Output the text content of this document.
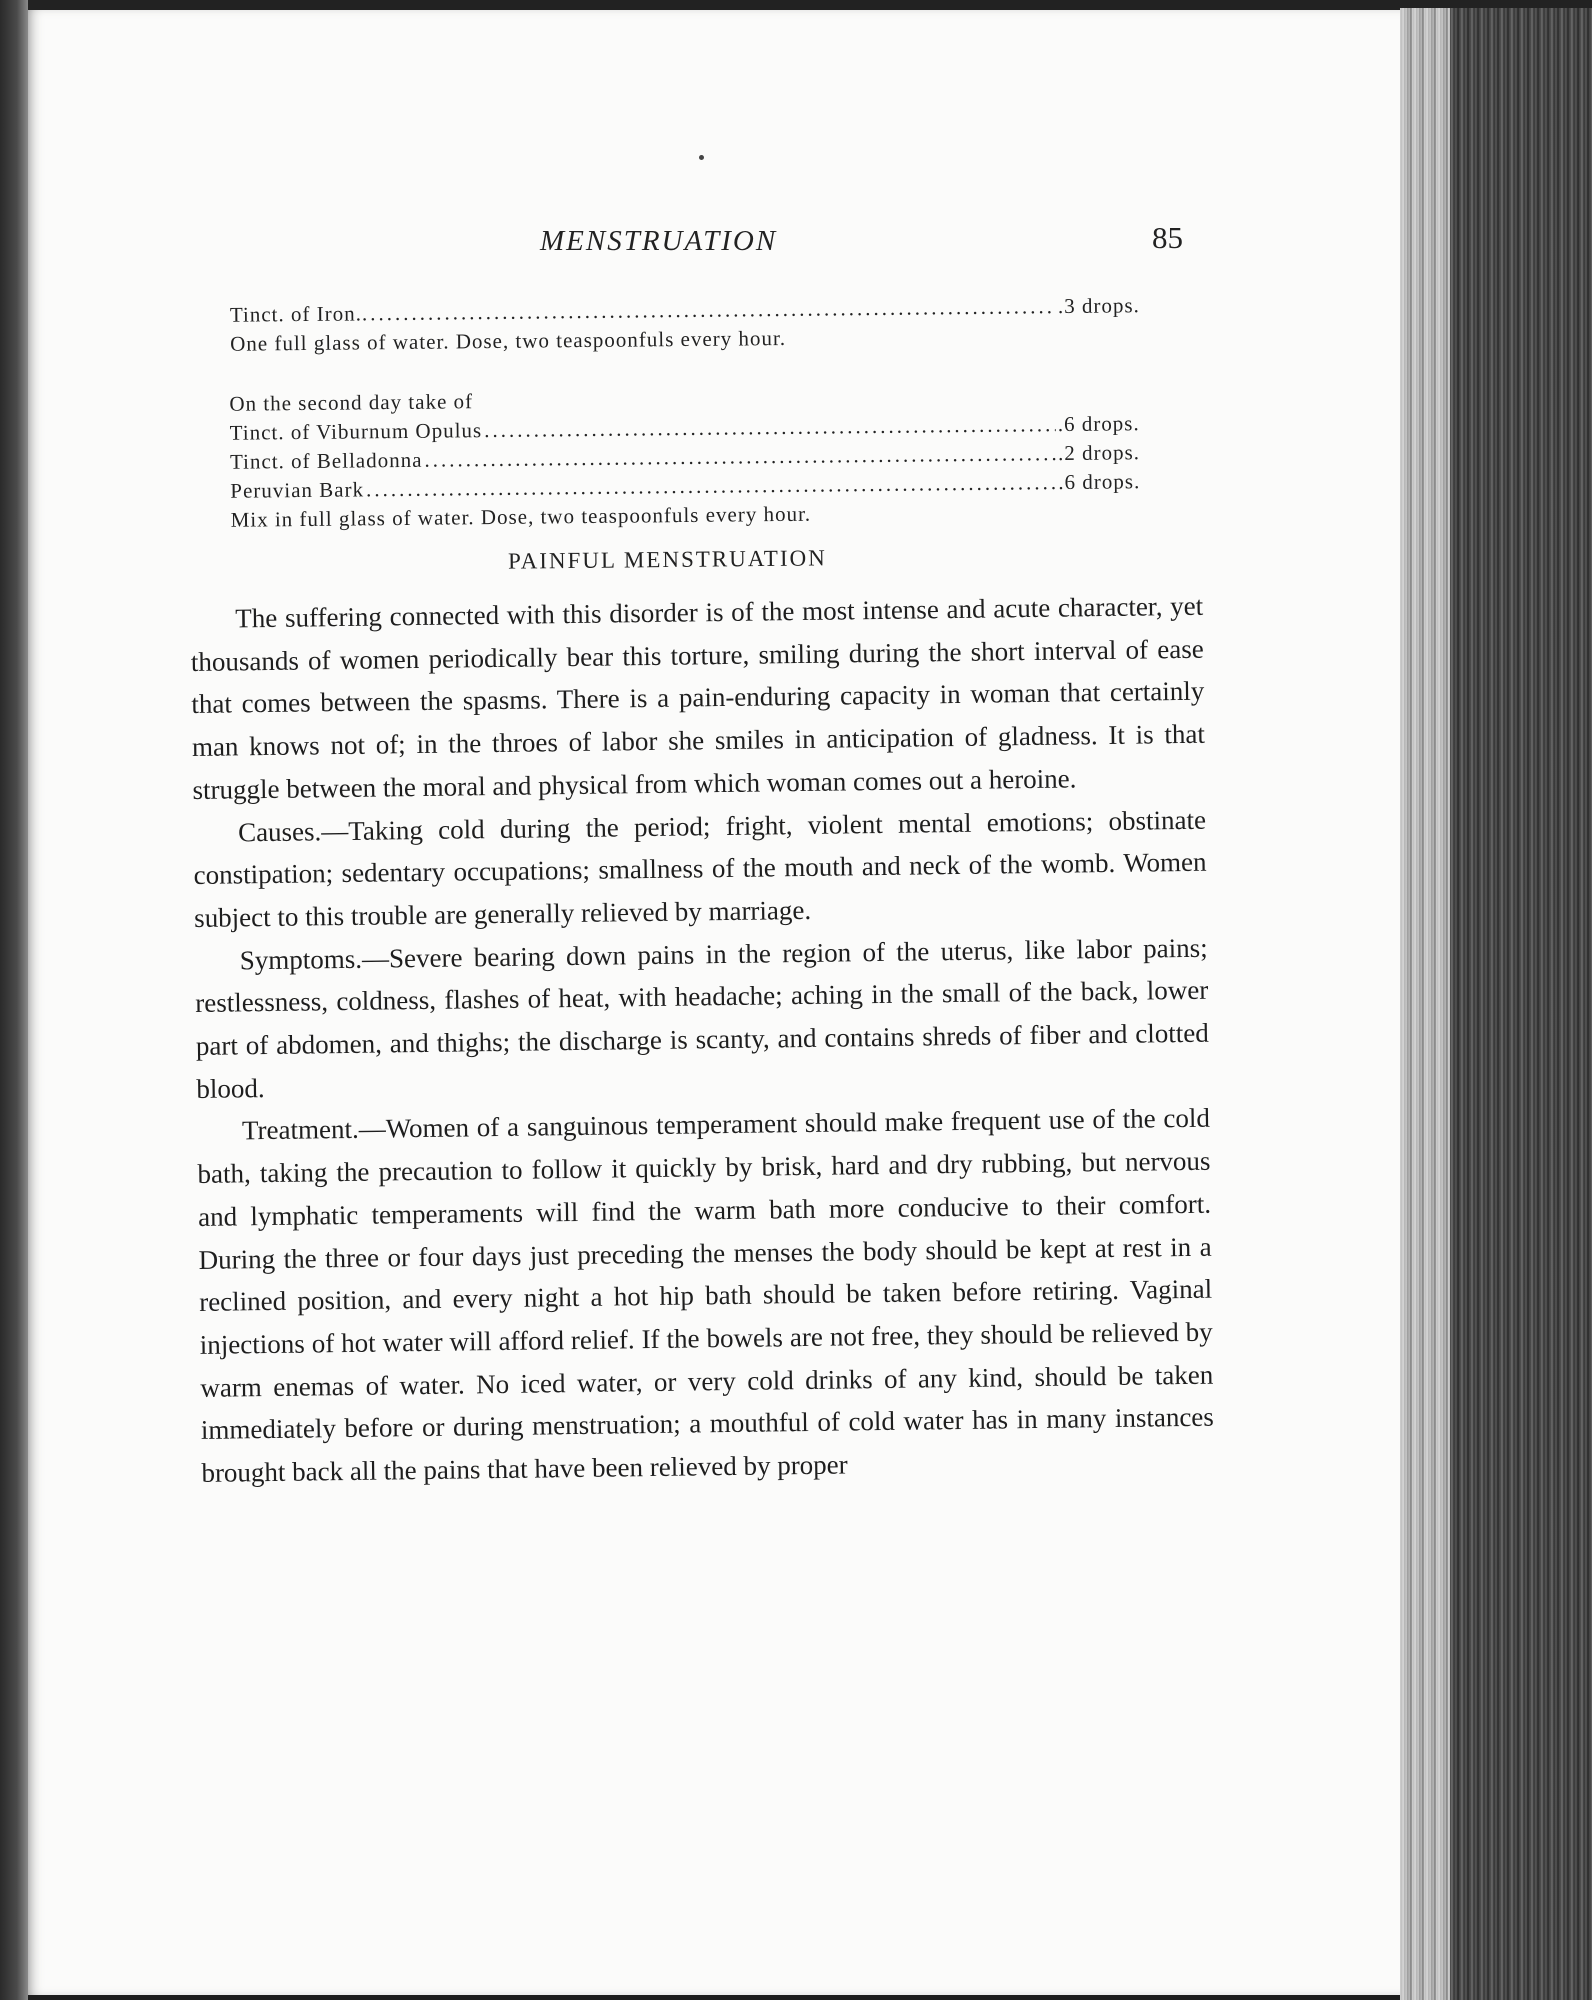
MENSTRUATION	85
Tinct. of Iron.. .....	.3 drops.
One full glass of water. Dose, two teaspoonfuls every hour.
On the second day take of
Tinct. of Viburnum Opulus .....	.6 drops.
Tinct. of Belladonna .....	.2 drops.
Peruvian Bark .....	.6 drops.
Mix in full glass of water. Dose, two teaspoonfuls every hour.
PAINFUL MENSTRUATION

The suffering connected with this disorder is of the most intense and acute character, yet thousands of women periodically bear this torture, smiling during the short interval of ease that comes between the spasms. There is a pain-enduring capacity in woman that certainly man knows not of; in the throes of labor she smiles in anticipation of gladness. It is that struggle between the moral and physical from which woman comes out a heroine.

Causes.—Taking cold during the period; fright, violent mental emotions; obstinate constipation; sedentary occupations; smallness of the mouth and neck of the womb. Women subject to this trouble are generally relieved by marriage.

Symptoms.—Severe bearing down pains in the region of the uterus, like labor pains; restlessness, coldness, flashes of heat, with headache; aching in the small of the back, lower part of abdomen, and thighs; the discharge is scanty, and contains shreds of fiber and clotted blood.

Treatment.—Women of a sanguinous temperament should make frequent use of the cold bath, taking the precaution to follow it quickly by brisk, hard and dry rubbing, but nervous and lymphatic temperaments will find the warm bath more conducive to their comfort. During the three or four days just preceding the menses the body should be kept at rest in a reclined position, and every night a hot hip bath should be taken before retiring. Vaginal injections of hot water will afford relief. If the bowels are not free, they should be relieved by warm enemas of water. No iced water, or very cold drinks of any kind, should be taken immediately before or during menstruation; a mouthful of cold water has in many instances brought back all the pains that have been relieved by proper
